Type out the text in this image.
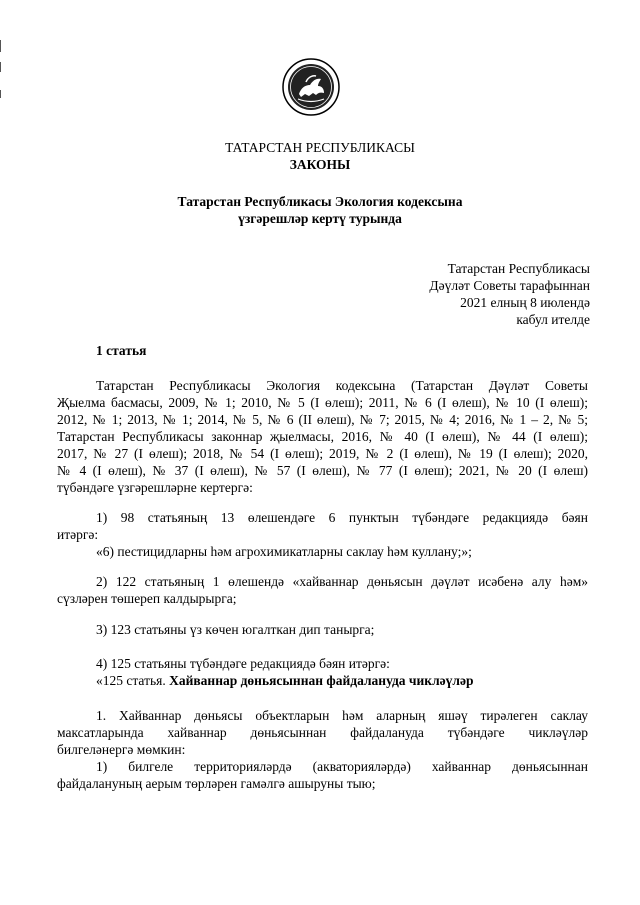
ТАТАРСТАН РЕСПУБЛИКАСЫ
ЗАКОНЫ
Татарстан Республикасы Экология кодексына
үзгәрешләр кертү турында
Татарстан Республикасы
Дәүләт Советы тарафыннан
2021 елның 8 июлендә
кабул ителде
1 статья
Татарстан Республикасы Экология кодексына (Татарстан Дәүләт Советы
Җыелма басмасы, 2009, № 1; 2010, № 5 (I өлеш); 2011, № 6 (I өлеш), № 10 (I өлеш);
2012, № 1; 2013, № 1; 2014, № 5, № 6 (II өлеш), № 7; 2015, № 4; 2016, № 1 – 2, № 5;
Татарстан Республикасы законнар җыелмасы, 2016, № 40 (I өлеш), № 44 (I өлеш);
2017, № 27 (I өлеш); 2018, № 54 (I өлеш); 2019, № 2 (I өлеш), № 19 (I өлеш); 2020,
№ 4 (I өлеш), № 37 (I өлеш), № 57 (I өлеш), № 77 (I өлеш); 2021, № 20 (I өлеш)
түбәндәге үзгәрешләрне кертергә:
1) 98 статьяның 13 өлешендәге 6 пунктын түбәндәге редакциядә бәян
итәргә:
«6) пестицидларны һәм агрохимикатларны саклау һәм куллану;»;
2) 122 статьяның 1 өлешендә «хайваннар дөньясын дәүләт исәбенә алу һәм»
сүзләрен төшереп калдырырга;
3) 123 статьяны үз көчен югалткан дип танырга;
4) 125 статьяны түбәндәге редакциядә бәян итәргә:
«125 статья. Хайваннар дөньясыннан файдалануда чикләүләр
1. Хайваннар дөньясы объектларын һәм аларның яшәү тирәлеген саклау
максатларында хайваннар дөньясыннан файдалануда түбәндәге чикләүләр
билгеләнергә мөмкин:
1) билгеле территорияләрдә (акваторияләрдә) хайваннар дөньясыннан
файдалануның аерым төрләрен гамәлгә ашыруны тыю;
